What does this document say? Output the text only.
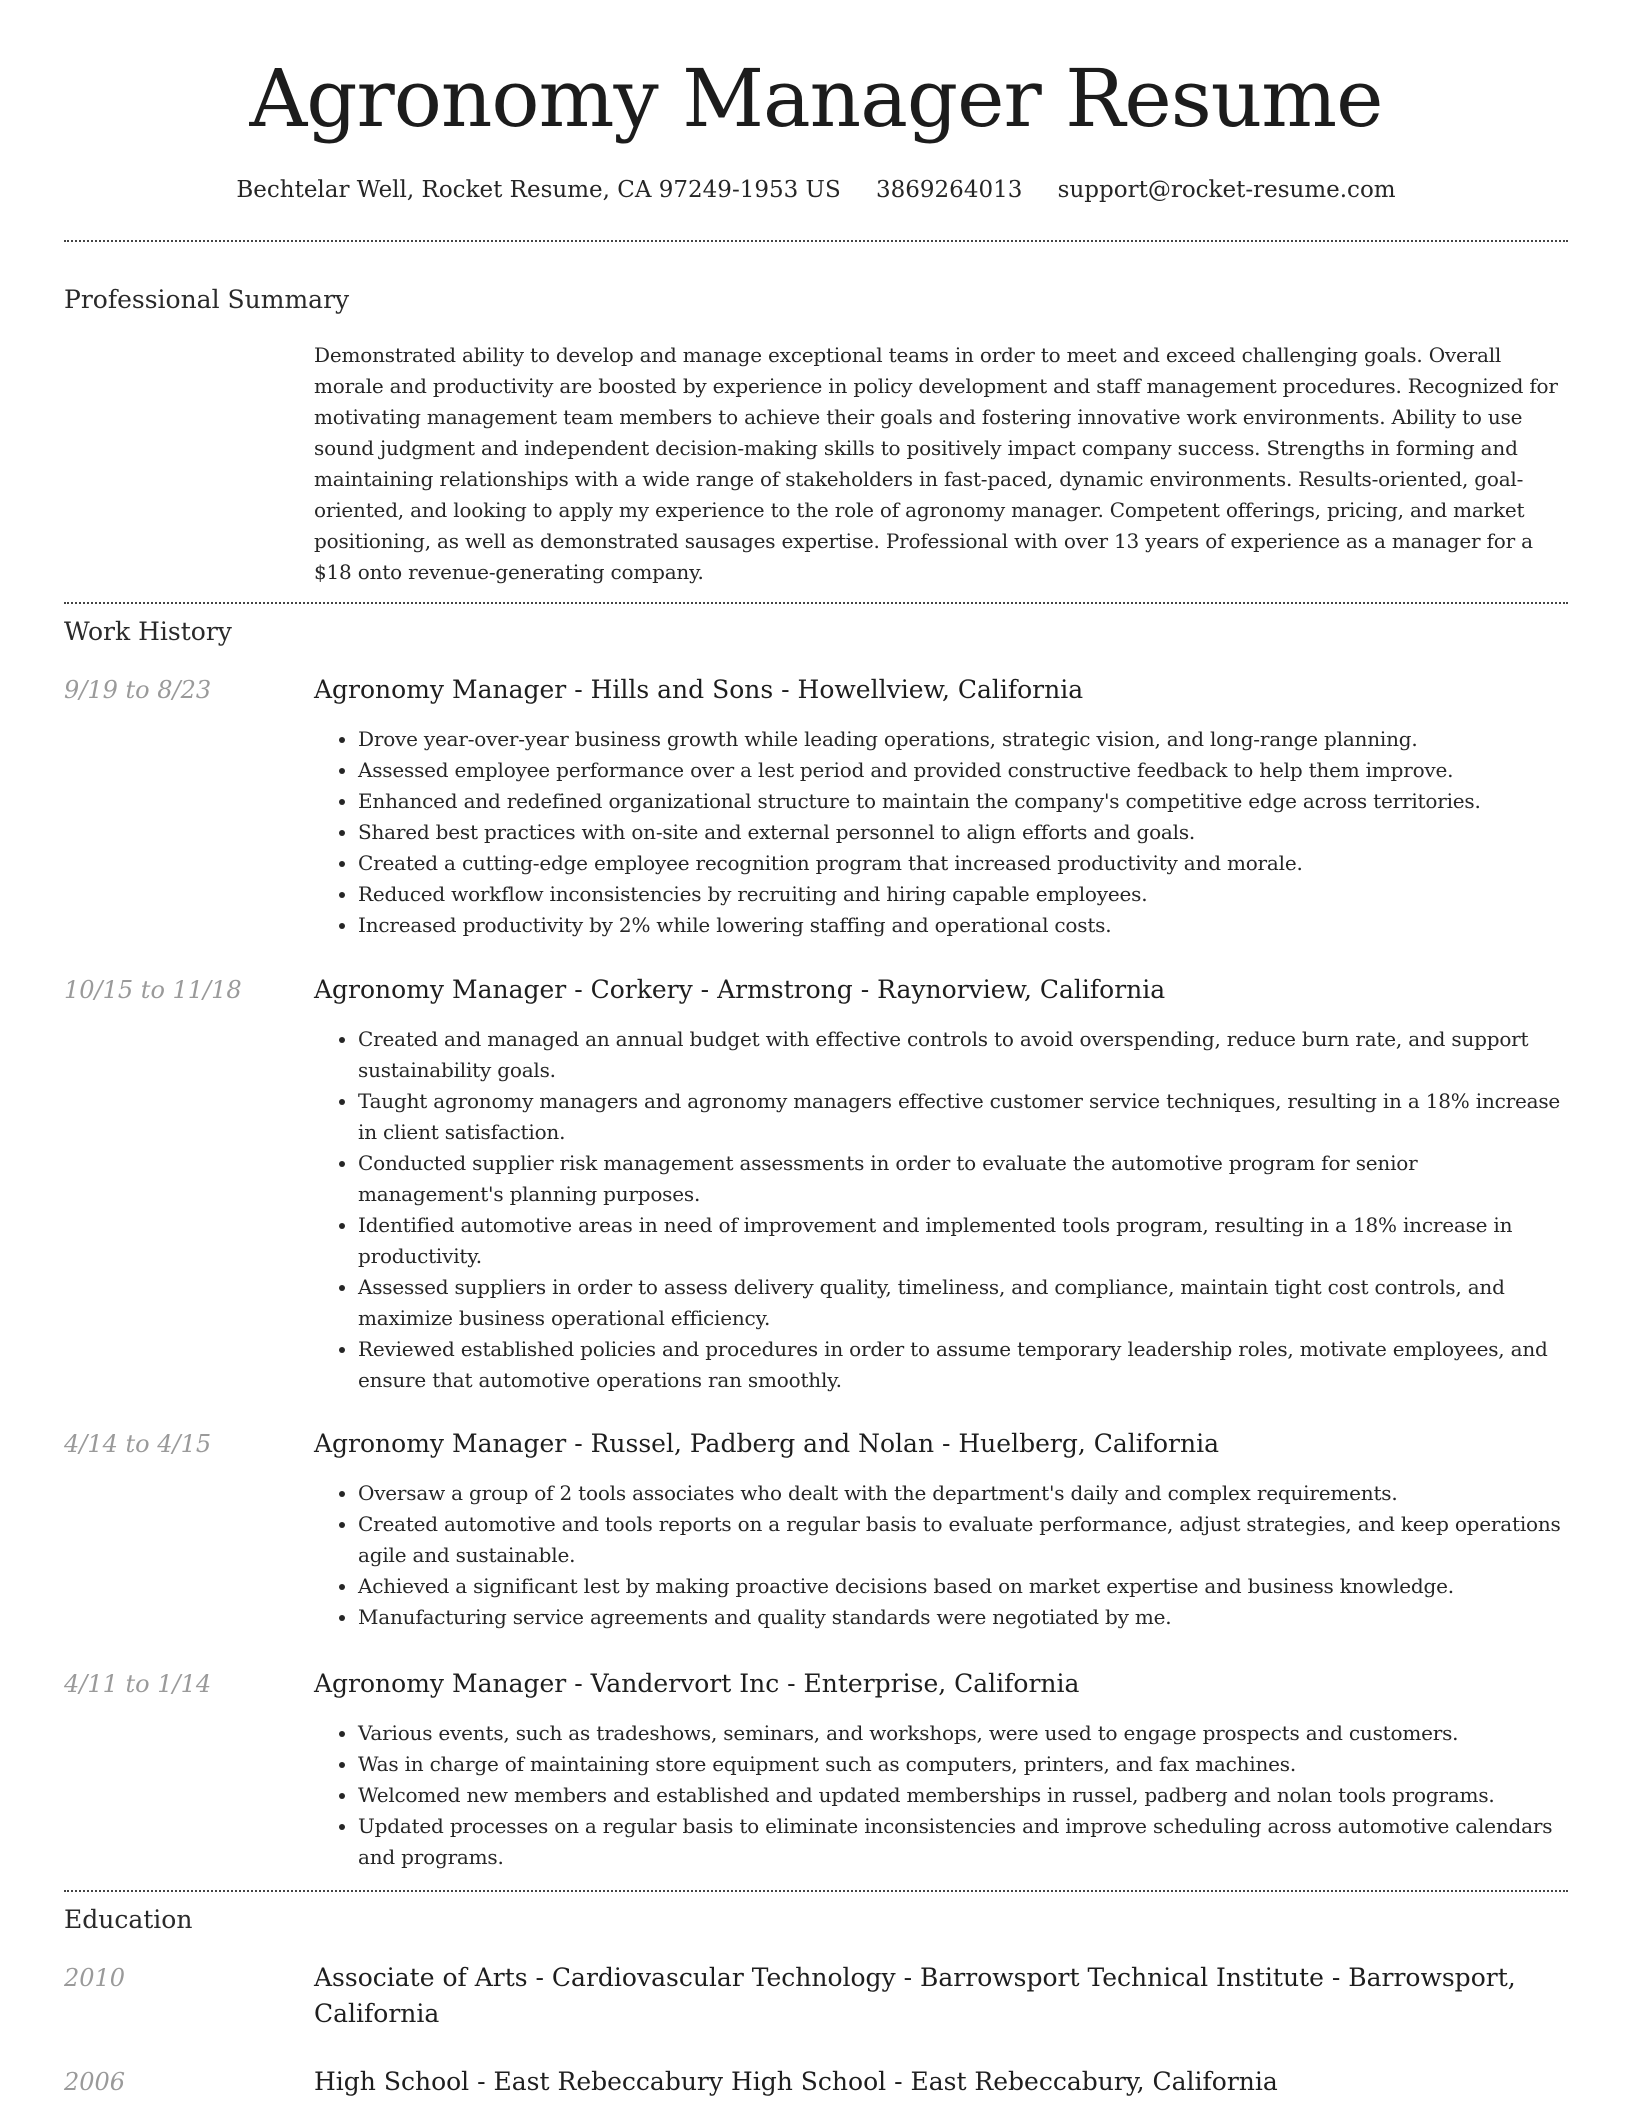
Agronomy Manager Resume
Bechtelar Well, Rocket Resume, CA 97249-1953 US 3869264013 support@rocket-resume.com
Professional Summary

Demonstrated ability to develop and manage exceptional teams in order to meet and exceed challenging goals. Overall morale and productivity are boosted by experience in policy development and staff management procedures. Recognized for motivating management team members to achieve their goals and fostering innovative work environments. Ability to use sound judgment and independent decision-making skills to positively impact company success. Strengths in forming and maintaining relationships with a wide range of stakeholders in fast-paced, dynamic environments. Results-oriented, goal-oriented, and looking to apply my experience to the role of agronomy manager. Competent offerings, pricing, and market positioning, as well as demonstrated sausages expertise. Professional with over 13 years of experience as a manager for a $18 onto revenue-generating company.

Work History
9/19 to 8/23	Agronomy Manager - Hills and Sons - Howellview, California
• Drove year-over-year business growth while leading operations, strategic vision, and long-range planning.
• Assessed employee performance over a lest period and provided constructive feedback to help them improve.
• Enhanced and redefined organizational structure to maintain the company's competitive edge across territories.
• Shared best practices with on-site and external personnel to align efforts and goals.
• Created a cutting-edge employee recognition program that increased productivity and morale.
• Reduced workflow inconsistencies by recruiting and hiring capable employees.
• Increased productivity by 2% while lowering staffing and operational costs.
10/15 to 11/18	Agronomy Manager - Corkery - Armstrong - Raynorview, California
• Created and managed an annual budget with effective controls to avoid overspending, reduce burn rate, and support sustainability goals.
• Taught agronomy managers and agronomy managers effective customer service techniques, resulting in a 18% increase in client satisfaction.
• Conducted supplier risk management assessments in order to evaluate the automotive program for senior management's planning purposes.
• Identified automotive areas in need of improvement and implemented tools program, resulting in a 18% increase in productivity.
• Assessed suppliers in order to assess delivery quality, timeliness, and compliance, maintain tight cost controls, and maximize business operational efficiency.
• Reviewed established policies and procedures in order to assume temporary leadership roles, motivate employees, and ensure that automotive operations ran smoothly.
4/14 to 4/15	Agronomy Manager - Russel, Padberg and Nolan - Huelberg, California
• Oversaw a group of 2 tools associates who dealt with the department's daily and complex requirements.
• Created automotive and tools reports on a regular basis to evaluate performance, adjust strategies, and keep operations agile and sustainable.
• Achieved a significant lest by making proactive decisions based on market expertise and business knowledge.
• Manufacturing service agreements and quality standards were negotiated by me.
4/11 to 1/14	Agronomy Manager - Vandervort Inc - Enterprise, California
• Various events, such as tradeshows, seminars, and workshops, were used to engage prospects and customers.
• Was in charge of maintaining store equipment such as computers, printers, and fax machines.
• Welcomed new members and established and updated memberships in russel, padberg and nolan tools programs.
• Updated processes on a regular basis to eliminate inconsistencies and improve scheduling across automotive calendars and programs.
Education
2010	Associate of Arts - Cardiovascular Technology - Barrowsport Technical Institute - Barrowsport, California
2006	High School - East Rebeccabury High School - East Rebeccabury, California
